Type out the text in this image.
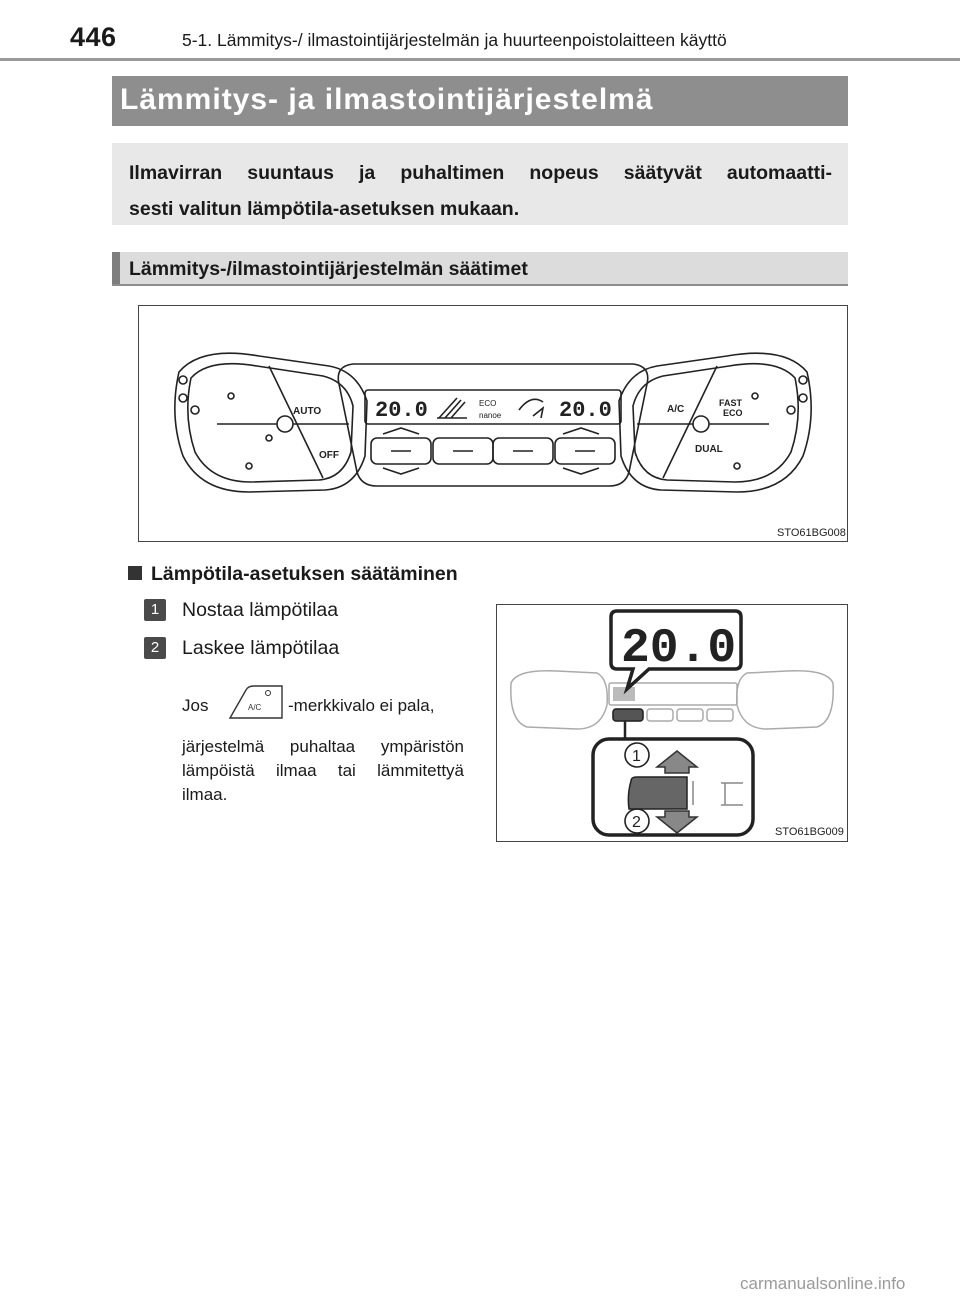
446	5-1. Lämmitys-/ ilmastointijärjestelmän ja huurteenpoistolaitteen käyttö
Lämmitys- ja ilmastointijärjestelmä

Ilmavirran suuntaus ja puhaltimen nopeus säätyvät automaatti-
sesti valitun lämpötila-asetuksen mukaan.

Lämmitys-/ilmastointijärjestelmän säätimet
20.0	20.0
ECO
nanoe
AUTO
OFF
A/C
FAST
ECO
DUAL
STO61BG008
Lämpötila-asetuksen säätäminen
1	Nostaa lämpötilaa
2	Laskee lämpötilaa
Jos	A/C -merkkivalo ei pala,
järjestelmä puhaltaa ympäristön lämpöistä ilmaa tai lämmitettyä ilmaa.
20.0
1
2
STO61BG009
carmanualsonline.info
